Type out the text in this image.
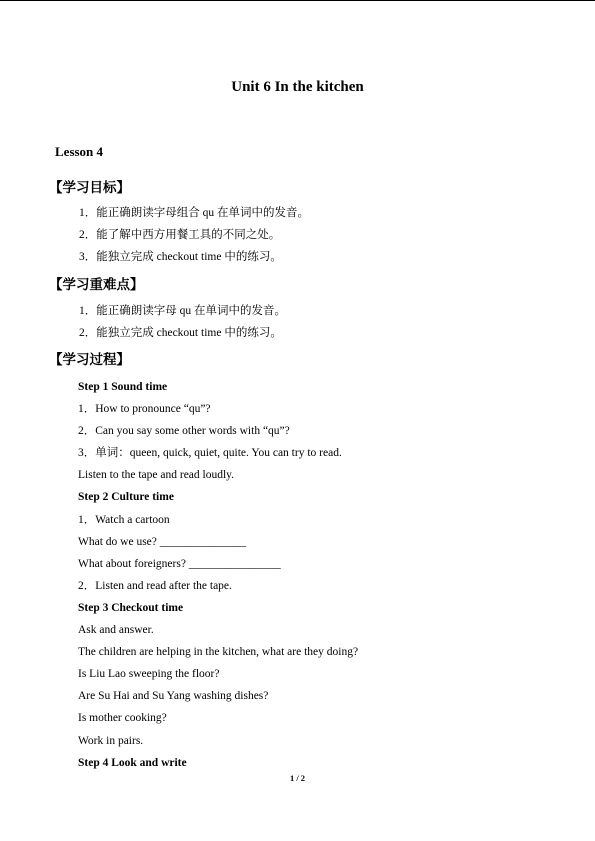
Unit 6 In the kitchen
Lesson 4
【学习目标】
1．能正确朗读字母组合 qu 在单词中的发音。
2．能了解中西方用餐工具的不同之处。
3．能独立完成 checkout time 中的练习。
【学习重难点】
1．能正确朗读字母 qu 在单词中的发音。
2．能独立完成 checkout time 中的练习。
【学习过程】
Step 1 Sound time
1．How to pronounce “qu”?
2．Can you say some other words with “qu”?
3．单词：queen, quick, quiet, quite. You can try to read.
Listen to the tape and read loudly.
Step 2 Culture time
1．Watch a cartoon
What do we use? _______________
What about foreigners? ________________
2．Listen and read after the tape.
Step 3 Checkout time
Ask and answer.
The children are helping in the kitchen, what are they doing?
Is Liu Lao sweeping the floor?
Are Su Hai and Su Yang washing dishes?
Is mother cooking?
Work in pairs.
Step 4 Look and write
1 / 2
